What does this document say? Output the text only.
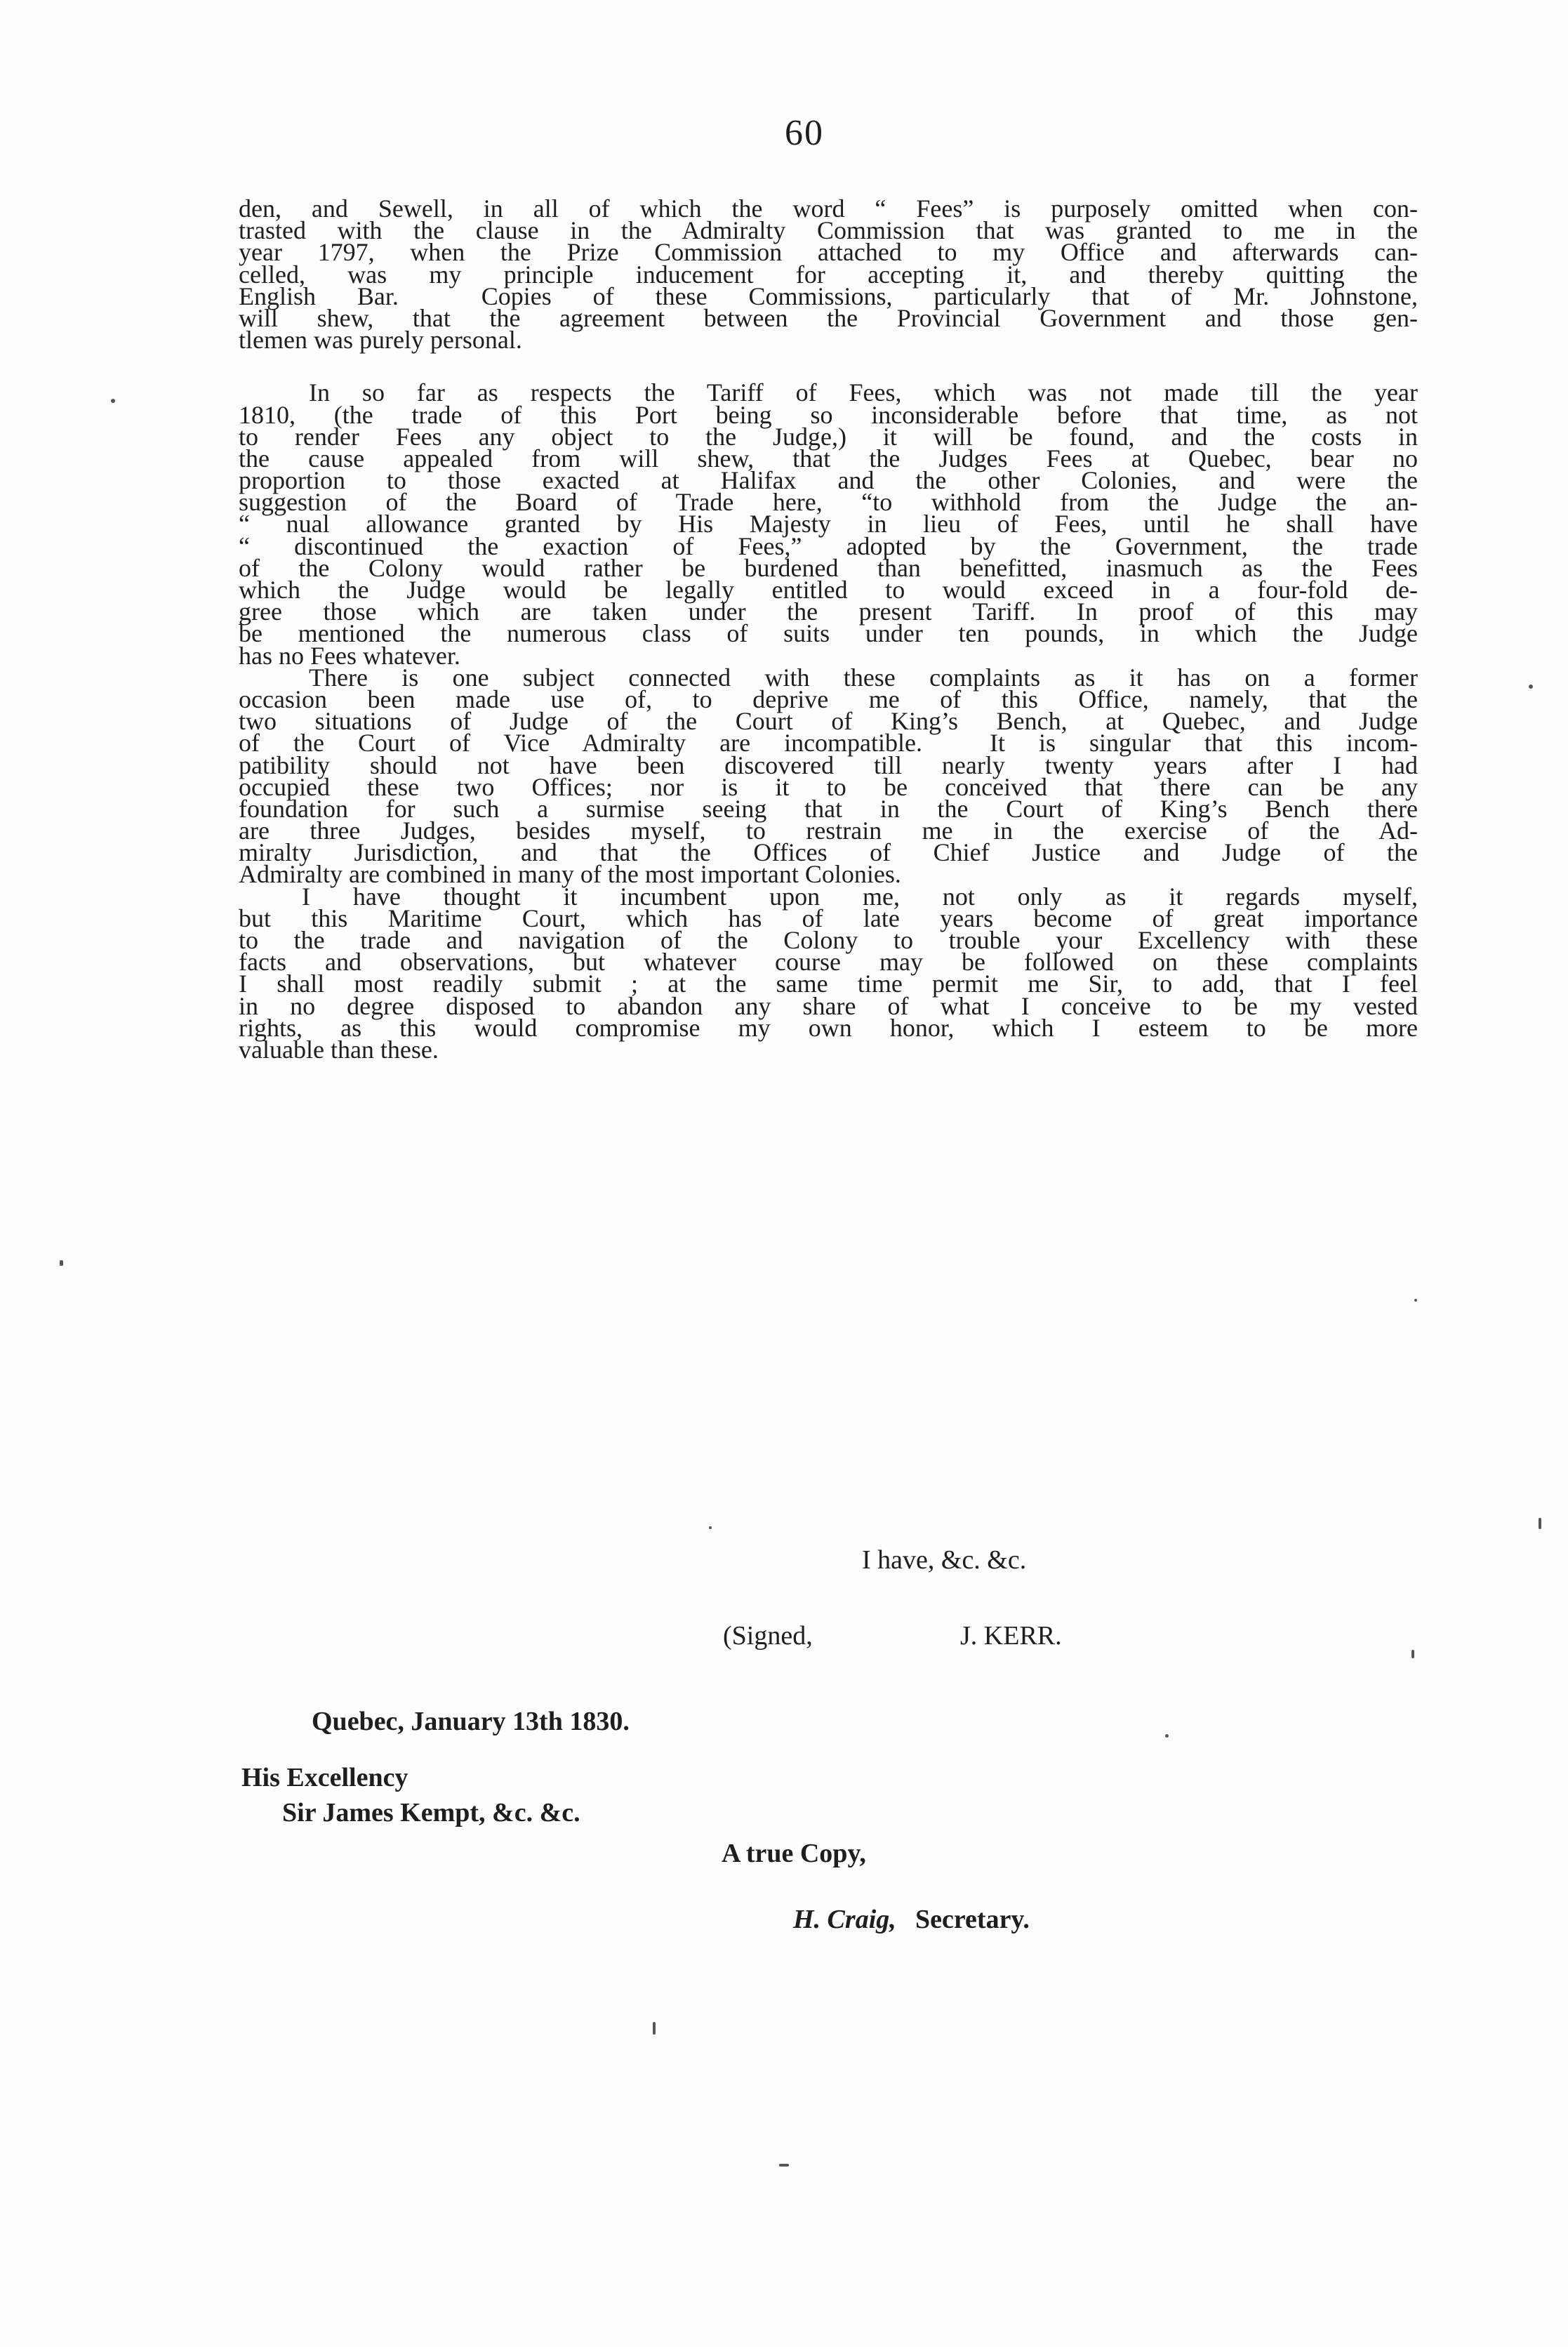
60
den, and Sewell, in all of which the word “ Fees” is purposely omitted when con-
trasted with the clause in the Admiralty Commission that was granted to me in the
year 1797, when the Prize Commission attached to my Office and afterwards can-
celled, was my principle inducement for accepting it, and thereby quitting the
English Bar.  Copies of these Commissions, particularly that of Mr. Johnstone,
will shew, that the agreement between the Provincial Government and those gen-
tlemen was purely personal.
In so far as respects the Tariff of Fees, which was not made till the year
1810, (the trade of this Port being so inconsiderable before that time, as not
to render Fees any object to the Judge,) it will be found, and the costs in
the cause appealed from will shew, that the Judges Fees at Quebec, bear no
proportion to those exacted at Halifax and the other Colonies, and were the
suggestion of the Board of Trade here, “to withhold from the Judge the an-
“ nual allowance granted by His Majesty in lieu of Fees, until he shall have
“ discontinued the exaction of Fees,” adopted by the Government, the trade
of the Colony would rather be burdened than benefitted, inasmuch as the Fees
which the Judge would be legally entitled to would exceed in a four-fold de-
gree those which are taken under the present Tariff. In proof of this may
be mentioned the numerous class of suits under ten pounds, in which the Judge
has no Fees whatever.
There is one subject connected with these complaints as it has on a former
occasion been made use of, to deprive me of this Office, namely, that the
two situations of Judge of the Court of King’s Bench, at Quebec, and Judge
of the Court of Vice Admiralty are incompatible.  It is singular that this incom-
patibility should not have been discovered till nearly twenty years after I had
occupied these two Offices; nor is it to be conceived that there can be any
foundation for such a surmise seeing that in the Court of King’s Bench there
are three Judges, besides myself, to restrain me in the exercise of the Ad-
miralty Jurisdiction, and that the Offices of Chief Justice and Judge of the
Admiralty are combined in many of the most important Colonies.
I have thought it incumbent upon me, not only as it regards myself,
but this Maritime Court, which has of late years become of great importance
to the trade and navigation of the Colony to trouble your Excellency with these
facts and observations, but whatever course may be followed on these complaints
I shall most readily submit ; at the same time permit me Sir, to add, that I feel
in no degree disposed to abandon any share of what I conceive to be my vested
rights, as this would compromise my own honor, which I esteem to be more
valuable than these.
I have, &c. &c.
(Signed,	J. KERR.
Quebec, January 13th 1830.
His Excellency
Sir James Kempt, &c. &c.
A true Copy,
H. Craig, Secretary.
